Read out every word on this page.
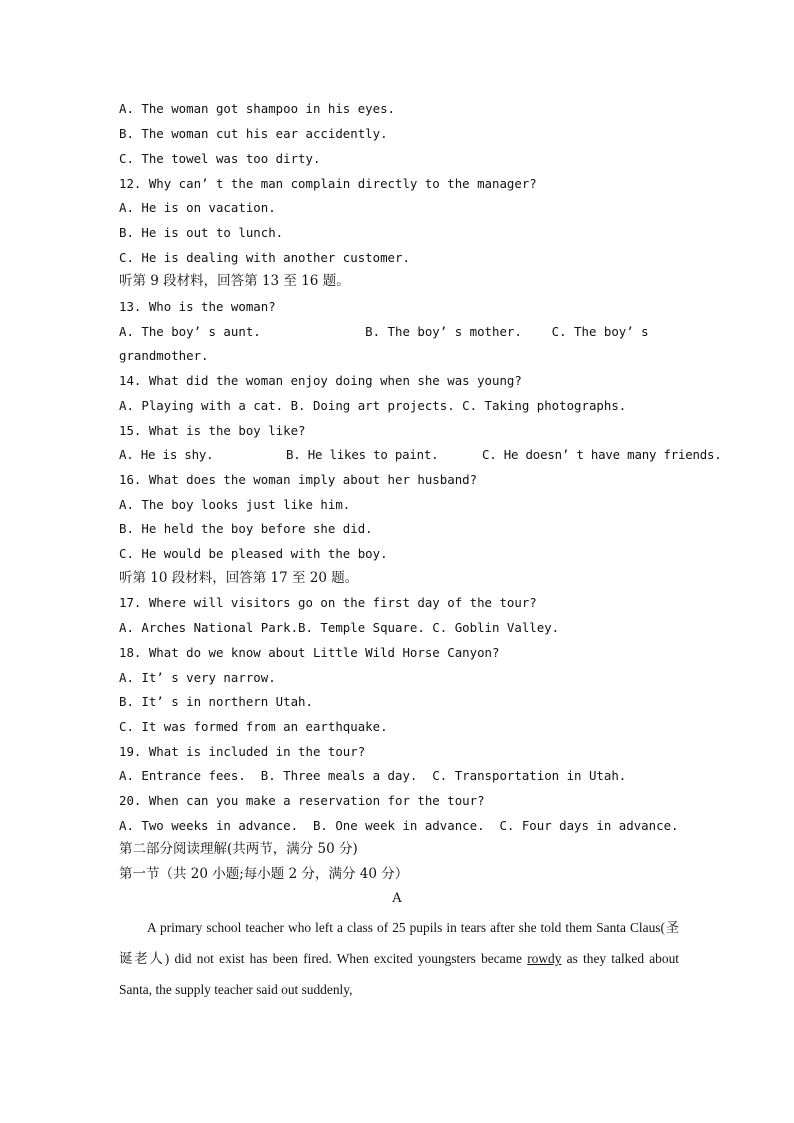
A. The woman got shampoo in his eyes.
B. The woman cut his ear accidently.
C. The towel was too dirty.
12. Why can’ t the man complain directly to the manager?
A. He is on vacation.
B. He is out to lunch.
C. He is dealing with another customer.
听第 9 段材料，回答第 13 至 16 题。
13. Who is the woman?
A. The boy’ s aunt.              B. The boy’ s mother.    C. The boy’ s
grandmother.
14. What did the woman enjoy doing when she was young?
A. Playing with a cat. B. Doing art projects. C. Taking photographs.
15. What is the boy like?
A. He is shy.          B. He likes to paint.      C. He doesn’ t have many friends.
16. What does the woman imply about her husband?
A. The boy looks just like him.
B. He held the boy before she did.
C. He would be pleased with the boy.
听第 10 段材料，回答第 17 至 20 题。
17. Where will visitors go on the first day of the tour?
A. Arches National Park.B. Temple Square. C. Goblin Valley.
18. What do we know about Little Wild Horse Canyon?
A. It’ s very narrow.
B. It’ s in northern Utah.
C. It was formed from an earthquake.
19. What is included in the tour?
A. Entrance fees.  B. Three meals a day.  C. Transportation in Utah.
20. When can you make a reservation for the tour?
A. Two weeks in advance.  B. One week in advance.  C. Four days in advance.
第二部分阅读理解(共两节，满分 50 分)
第一节（共 20 小题;每小题 2 分，满分 40 分）
A
A primary school teacher who left a class of 25 pupils in tears after she told them Santa Claus(圣诞老人) did not exist has been fired. When excited youngsters became rowdy as they talked about Santa, the supply teacher said out suddenly,
